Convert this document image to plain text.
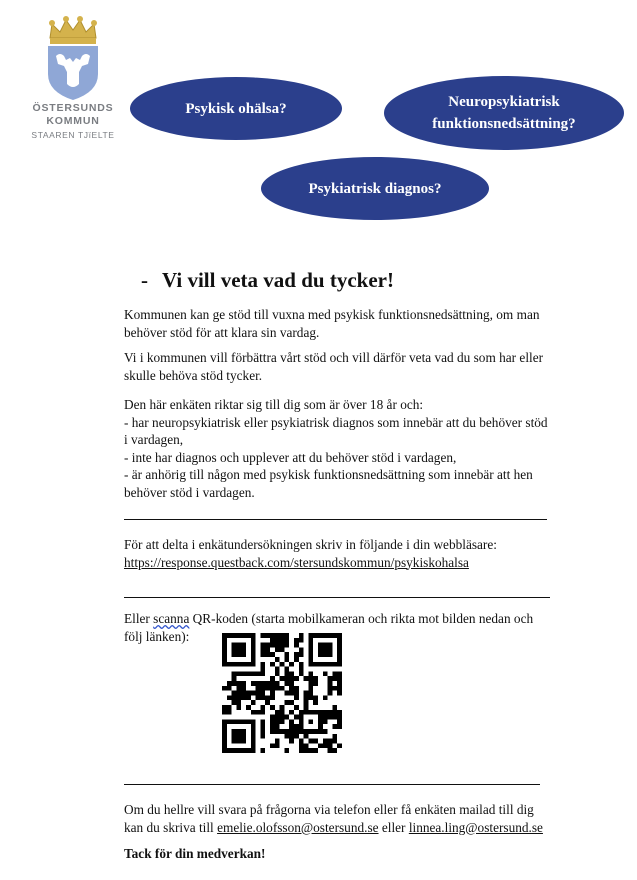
ÖSTERSUNDS
KOMMUN
STAAREN TJïELTE
Psykisk ohälsa?	Neuropsykiatrisk
funktionsnedsättning?
Psykiatrisk diagnos?
- Vi vill veta vad du tycker!
Kommunen kan ge stöd till vuxna med psykisk funktionsnedsättning, om man behöver stöd för att klara sin vardag.
Vi i kommunen vill förbättra vårt stöd och vill därför veta vad du som har eller skulle behöva stöd tycker.
Den här enkäten riktar sig till dig som är över 18 år och:
- har neuropsykiatrisk eller psykiatrisk diagnos som innebär att du behöver stöd i vardagen,
- inte har diagnos och upplever att du behöver stöd i vardagen,
- är anhörig till någon med psykisk funktionsnedsättning som innebär att hen behöver stöd i vardagen.
För att delta i enkätundersökningen skriv in följande i din webbläsare:
https://response.questback.com/stersundskommun/psykiskohalsa
Eller scanna QR-koden (starta mobilkameran och rikta mot bilden nedan och följ länken):
Om du hellre vill svara på frågorna via telefon eller få enkäten mailad till dig kan du skriva till emelie.olofsson@ostersund.se eller linnea.ling@ostersund.se
Tack för din medverkan!
